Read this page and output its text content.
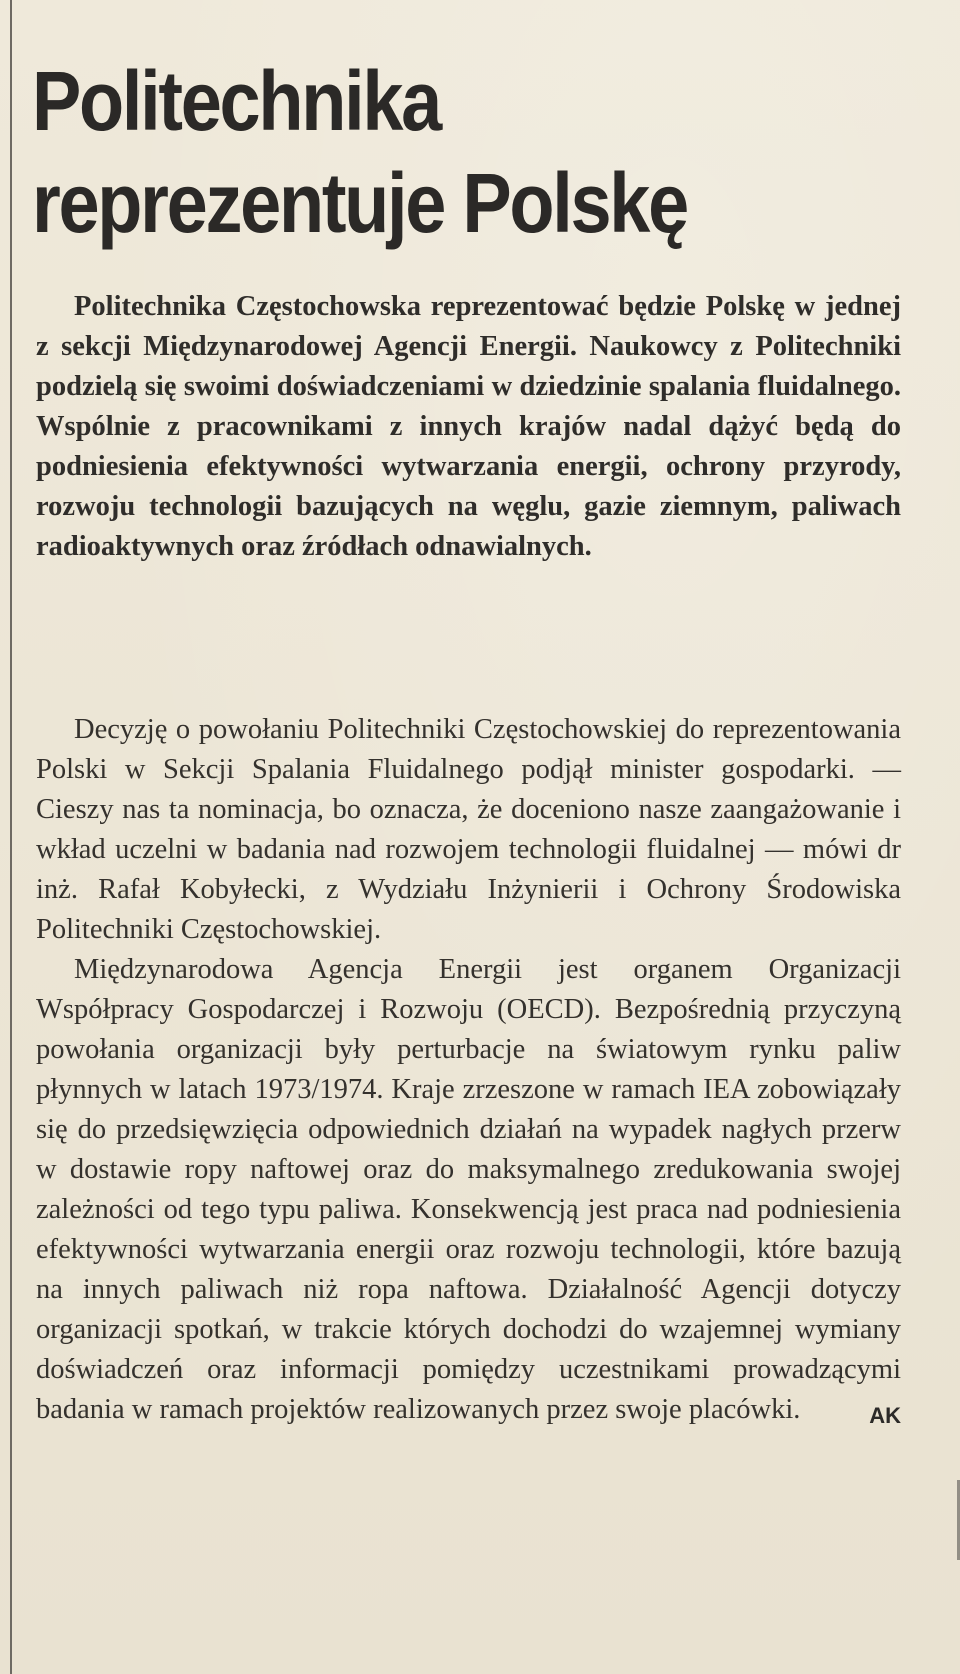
Politechnika
reprezentuje Polskę

Politechnika Częstochowska reprezentować będzie Polskę w jednej z sekcji Międzynarodowej Agencji Energii. Naukowcy z Politechniki podzielą się swoimi doświadczeniami w dziedzinie spalania fluidalnego. Wspólnie z pracownikami z innych krajów nadal dążyć będą do podniesienia efektywności wytwarzania energii, ochrony przyrody, rozwoju technologii bazujących na węglu, gazie ziemnym, paliwach radioaktywnych oraz źródłach odnawialnych.

Decyzję o powołaniu Politechniki Częstochowskiej do reprezentowania Polski w Sekcji Spalania Fluidalnego podjął minister gospodarki. — Cieszy nas ta nominacja, bo oznacza, że doceniono nasze zaangażowanie i wkład uczelni w badania nad rozwojem technologii fluidalnej — mówi dr inż. Rafał Kobyłecki, z Wydziału Inżynierii i Ochrony Środowiska Politechniki Częstochowskiej.

Międzynarodowa Agencja Energii jest organem Organizacji Współpracy Gospodarczej i Rozwoju (OECD). Bezpośrednią przyczyną powołania organizacji były perturbacje na światowym rynku paliw płynnych w latach 1973/1974. Kraje zrzeszone w ramach IEA zobowiązały się do przedsięwzięcia odpowiednich działań na wypadek nagłych przerw w dostawie ropy naftowej oraz do maksymalnego zredukowania swojej zależności od tego typu paliwa. Konsekwencją jest praca nad podniesienia efektywności wytwarzania energii oraz rozwoju technologii, które bazują na innych paliwach niż ropa naftowa. Działalność Agencji dotyczy organizacji spotkań, w trakcie których dochodzi do wzajemnej wymiany doświadczeń oraz informacji pomiędzy uczestnikami prowadzącymi badania w ramach projektów realizowanych przez swoje placówki.	AK
